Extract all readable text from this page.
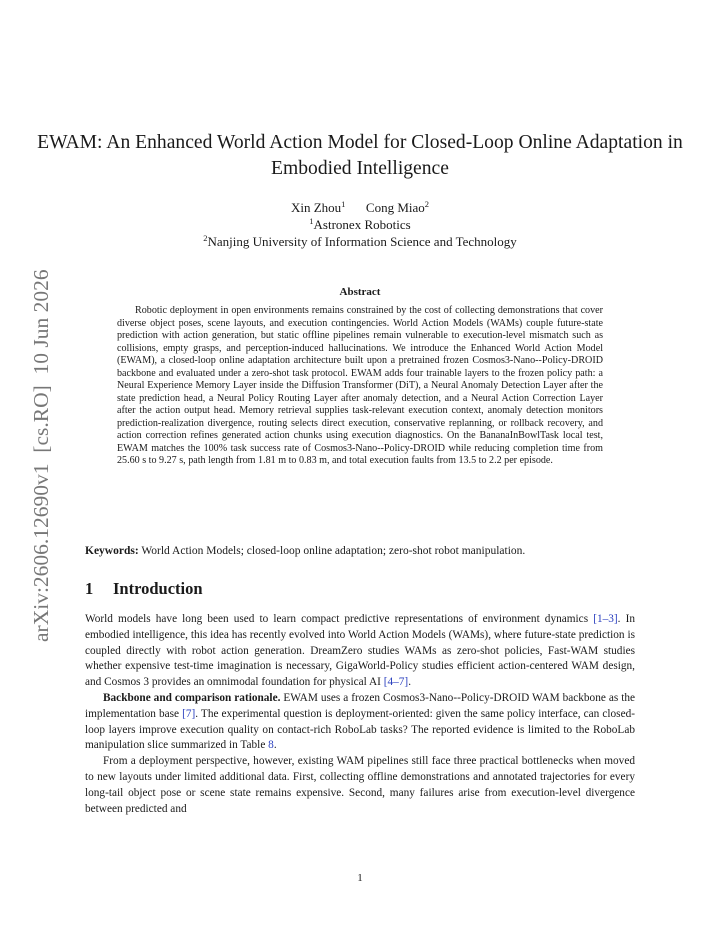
arXiv:2606.12690v1  [cs.RO]  10 Jun 2026
EWAM: An Enhanced World Action Model for Closed-Loop Online Adaptation in Embodied Intelligence
Xin Zhou$^1$ Cong Miao$^2$
$^1$Astronex Robotics
$^2$Nanjing University of Information Science and Technology
Abstract

Robotic deployment in open environments remains constrained by the cost of collecting demonstrations that cover diverse object poses, scene layouts, and execution contingencies. World Action Models (WAMs) couple future-state prediction with action generation, but static offline pipelines remain vulnerable to execution-level mismatch such as collisions, empty grasps, and perception-induced hallucinations. We introduce the Enhanced World Action Model (EWAM), a closed-loop online adaptation architecture built upon a pretrained frozen Cosmos3-Nano--Policy-DROID backbone and evaluated under a zero-shot task protocol. EWAM adds four trainable layers to the frozen policy path: a Neural Experience Memory Layer inside the Diffusion Transformer (DiT), a Neural Anomaly Detection Layer after the state prediction head, a Neural Policy Routing Layer after anomaly detection, and a Neural Action Correction Layer after the action output head. Memory retrieval supplies task-relevant execution context, anomaly detection monitors prediction-realization divergence, routing selects direct execution, conservative replanning, or rollback recovery, and action correction refines generated action chunks using execution diagnostics. On the BananaInBowlTask local test, EWAM matches the 100% task success rate of Cosmos3-Nano--Policy-DROID while reducing completion time from 25.60 s to 9.27 s, path length from 1.81 m to 0.83 m, and total execution faults from 13.5 to 2.2 per episode.

Keywords: World Action Models; closed-loop online adaptation; zero-shot robot manipulation.
1 Introduction

World models have long been used to learn compact predictive representations of environment dynamics [1–3]. In embodied intelligence, this idea has recently evolved into World Action Models (WAMs), where future-state prediction is coupled directly with robot action generation. DreamZero studies WAMs as zero-shot policies, Fast-WAM studies whether expensive test-time imagination is necessary, GigaWorld-Policy studies efficient action-centered WAM design, and Cosmos 3 provides an omnimodal foundation for physical AI [4–7].

Backbone and comparison rationale. EWAM uses a frozen Cosmos3-Nano--Policy-DROID WAM backbone as the implementation base [7]. The experimental question is deployment-oriented: given the same policy interface, can closed-loop layers improve execution quality on contact-rich RoboLab tasks? The reported evidence is limited to the RoboLab manipulation slice summarized in Table 8.

From a deployment perspective, however, existing WAM pipelines still face three practical bottlenecks when moved to new layouts under limited additional data. First, collecting offline demonstrations and annotated trajectories for every long-tail object pose or scene state remains expensive. Second, many failures arise from execution-level divergence between predicted and

1
